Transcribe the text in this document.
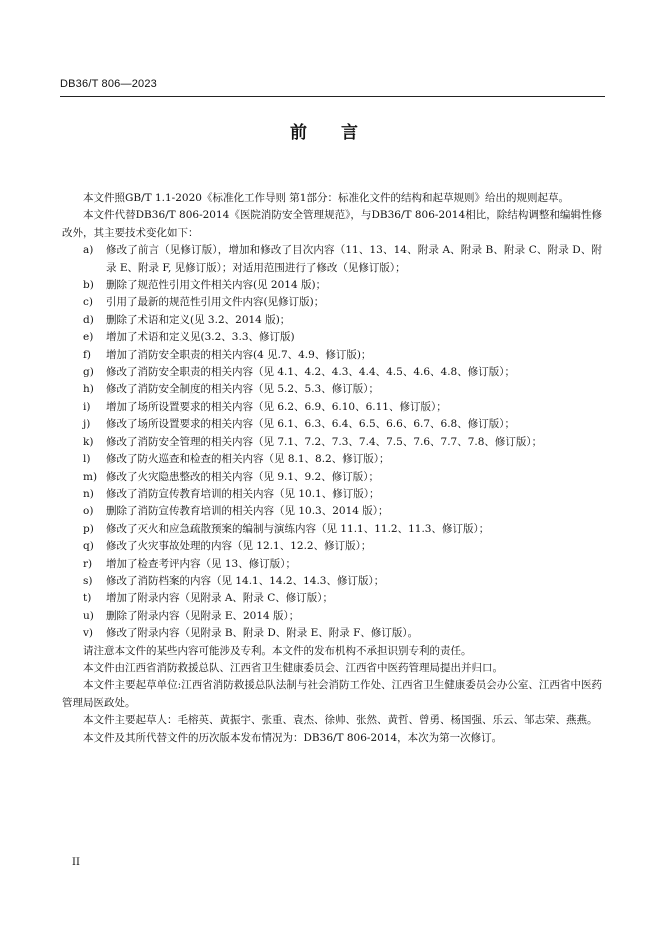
DB36/T 806—2023
前 言

本文件照GB/T 1.1-2020《标准化工作导则 第1部分：标准化文件的结构和起草规则》给出的规则起草。

本文件代替DB36/T 806-2014《医院消防安全管理规范》，与DB36/T 806-2014相比，除结构调整和编辑性修改外，其主要技术变化如下：

a)	修改了前言（见修订版），增加和修改了目次内容（11、13、14、附录 A、附录 B、附录 C、附录 D、附录 E、附录 F, 见修订版）；对适用范围进行了修改（见修订版）；
b)	删除了规范性引用文件相关内容(见 2014 版)；
c)	引用了最新的规范性引用文件内容(见修订版)；
d)	删除了术语和定义(见 3.2、2014 版)；
e)	增加了术语和定义见(3.2、3.3、修订版)
f)	增加了消防安全职责的相关内容(4 见.7、4.9、修订版)；
g)	修改了消防安全职责的相关内容（见 4.1、4.2、4.3、4.4、4.5、4.6、4.8、修订版）；
h)	修改了消防安全制度的相关内容（见 5.2、5.3、修订版）；
i)	增加了场所设置要求的相关内容（见 6.2、6.9、6.10、6.11、修订版）；
j)	修改了场所设置要求的相关内容（见 6.1、6.3、6.4、6.5、6.6、6.7、6.8、修订版）；
k)	修改了消防安全管理的相关内容（见 7.1、7.2、7.3、7.4、7.5、7.6、7.7、7.8、修订版）；
l)	修改了防火巡查和检查的相关内容（见 8.1、8.2、修订版）；
m) 修改了火灾隐患整改的相关内容（见 9.1、9.2、修订版）；
n)	修改了消防宣传教育培训的相关内容（见 10.1、修订版）；
o)	删除了消防宣传教育培训的相关内容（见 10.3、2014 版）；
p)	修改了灭火和应急疏散预案的编制与演练内容（见 11.1、11.2、11.3、修订版）；
q)	修改了火灾事故处理的内容（见 12.1、12.2、修订版）；
r)	增加了检查考评内容（见 13、修订版）；
s)	修改了消防档案的内容（见 14.1、14.2、14.3、修订版）；
t)	增加了附录内容（见附录 A、附录 C、修订版）；
u)	删除了附录内容（见附录 E、2014 版）；
v)	修改了附录内容（见附录 B、附录 D、附录 E、附录 F、修订版）。

请注意本文件的某些内容可能涉及专利。本文件的发布机构不承担识别专利的责任。

本文件由江西省消防救援总队、江西省卫生健康委员会、江西省中医药管理局提出并归口。

本文件主要起草单位:江西省消防救援总队法制与社会消防工作处、江西省卫生健康委员会办公室、江西省中医药管理局医政处。

本文件主要起草人：毛榕英、黄振宇、张重、袁杰、徐帅、张然、黄哲、曾勇、杨国强、乐云、邹志荣、燕燕。

本文件及其所代替文件的历次版本发布情况为：DB36/T 806-2014，本次为第一次修订。

II
